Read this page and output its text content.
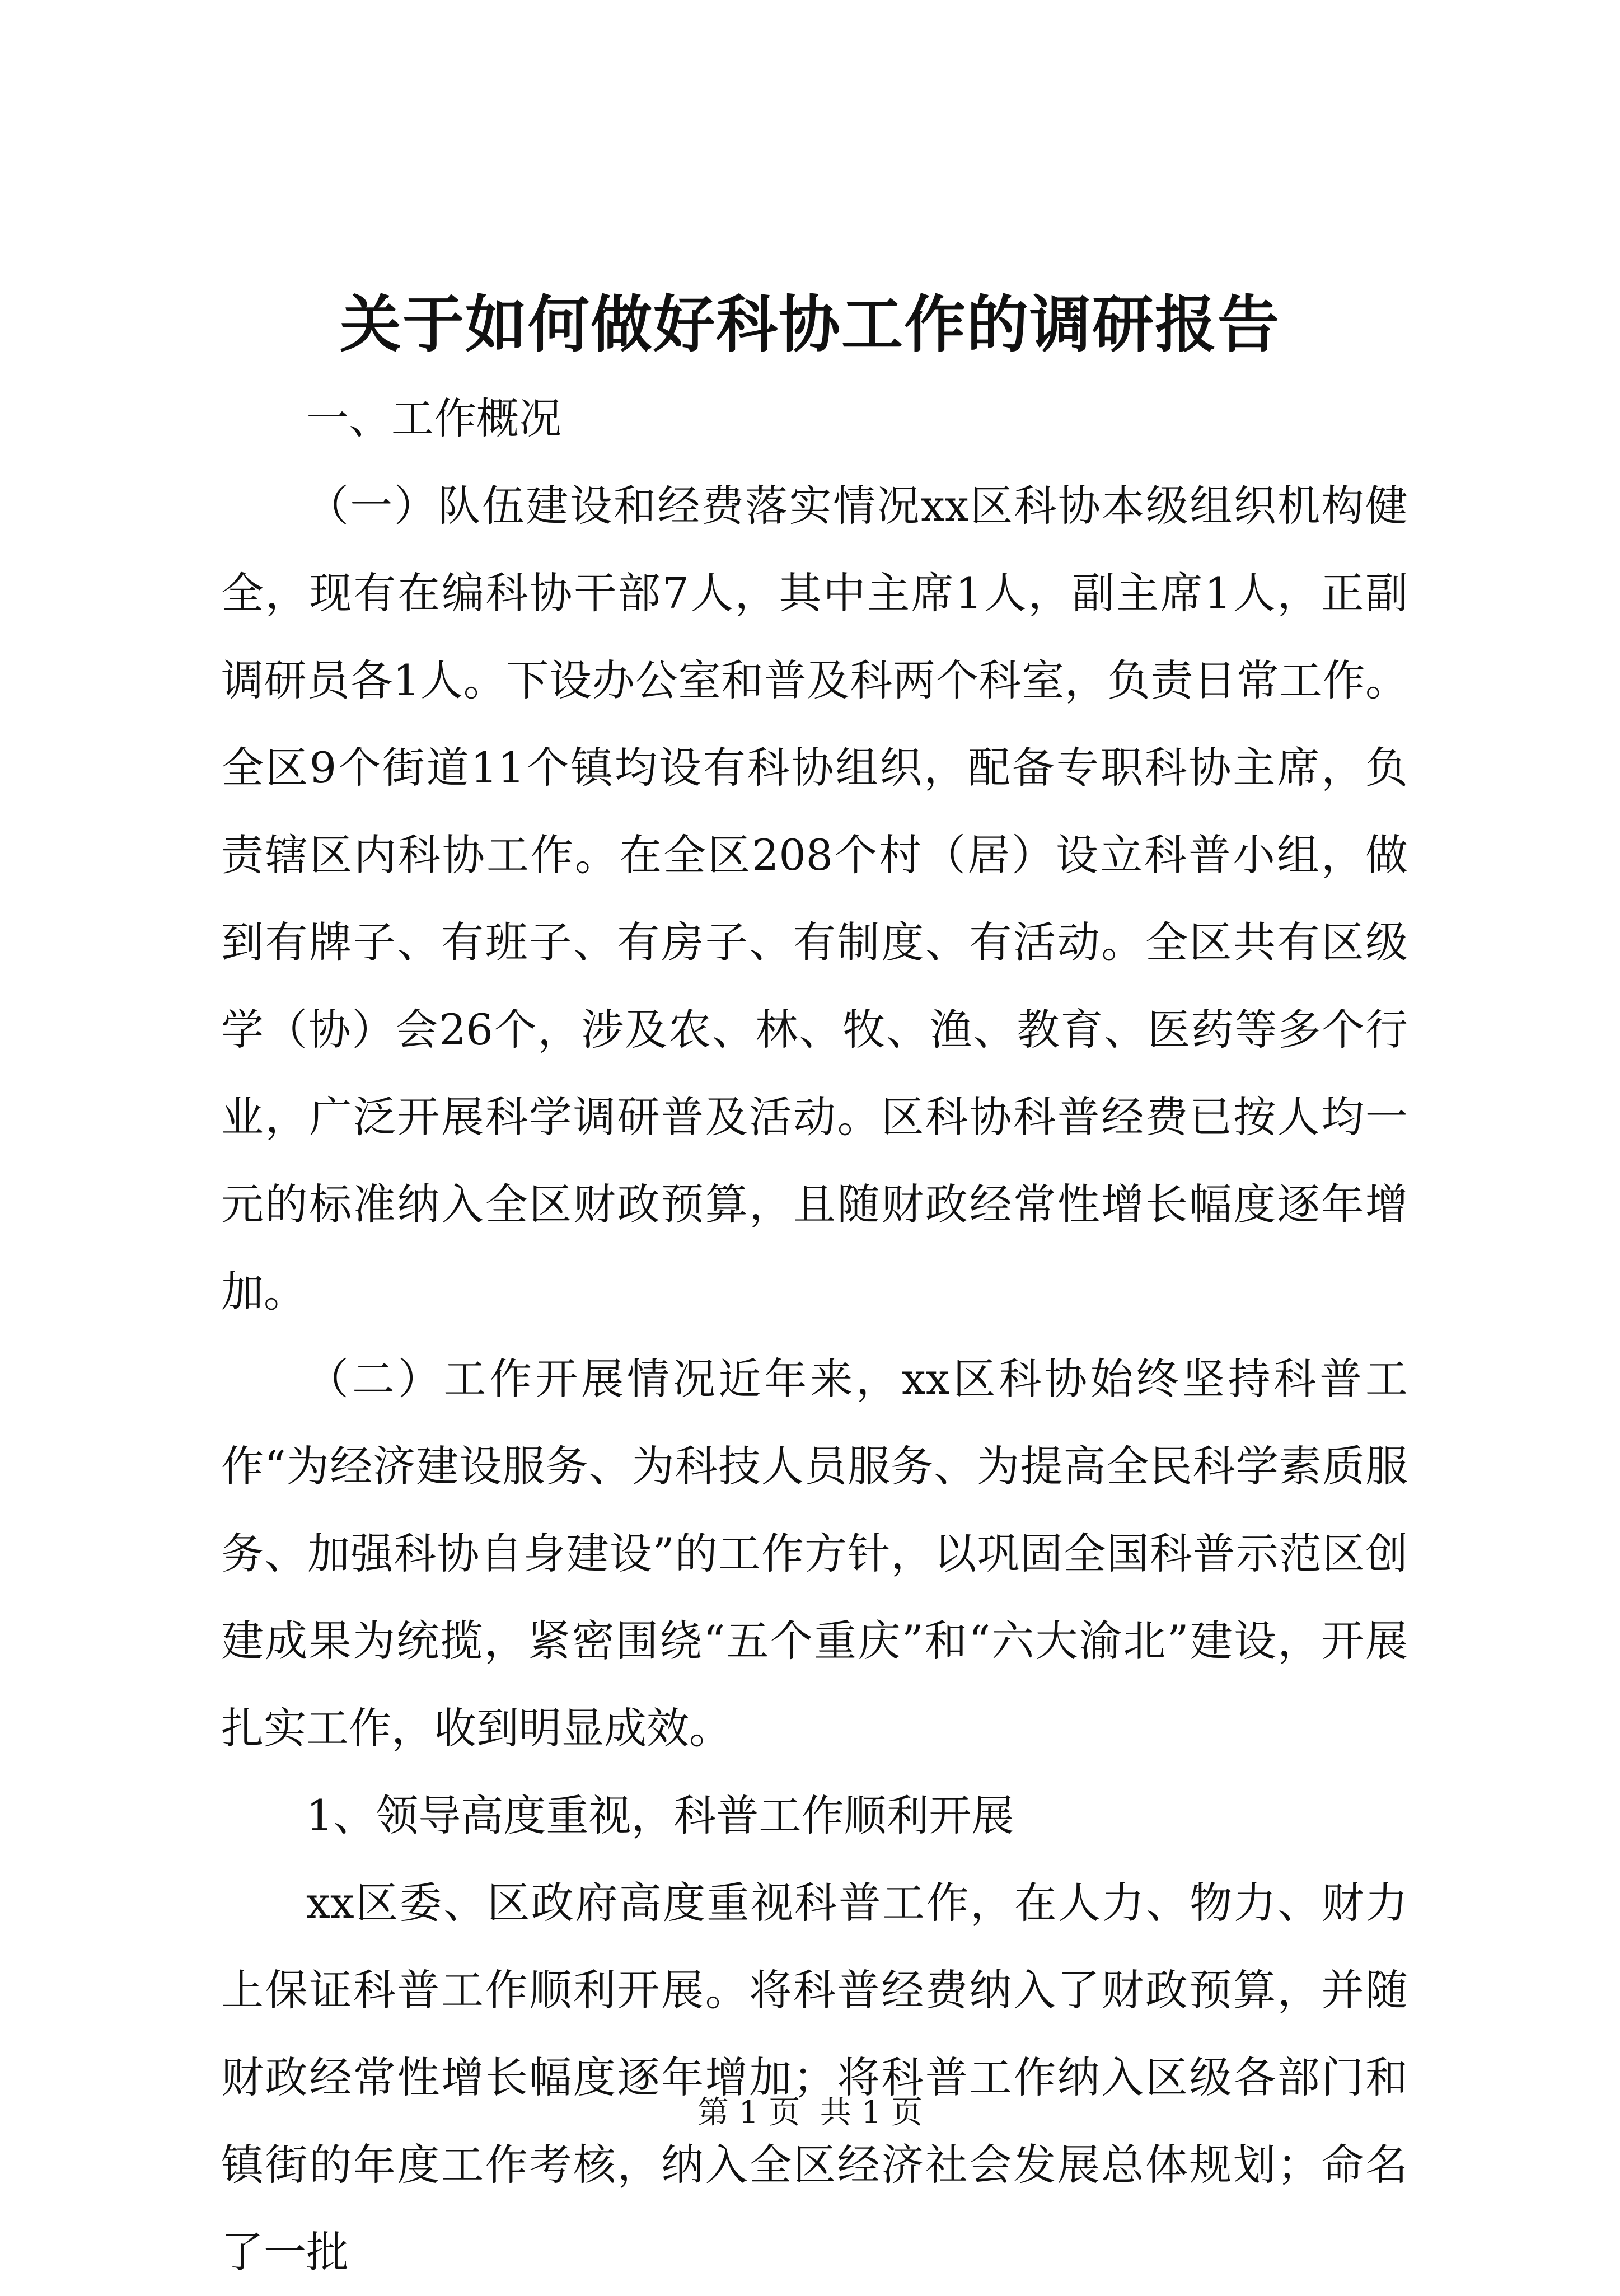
关于如何做好科协工作的调研报告

一、工作概况

（一）队伍建设和经费落实情况xx区科协本级组织机构健全，现有在编科协干部7人，其中主席1人，副主席1人，正副调研员各1人。下设办公室和普及科两个科室，负责日常工作。全区9个街道11个镇均设有科协组织，配备专职科协主席，负责辖区内科协工作。在全区208个村（居）设立科普小组，做到有牌子、有班子、有房子、有制度、有活动。全区共有区级学（协）会26个，涉及农、林、牧、渔、教育、医药等多个行业，广泛开展科学调研普及活动。区科协科普经费已按人均一元的标准纳入全区财政预算，且随财政经常性增长幅度逐年增加。

（二）工作开展情况近年来，xx区科协始终坚持科普工作“为经济建设服务、为科技人员服务、为提高全民科学素质服务、加强科协自身建设”的工作方针，以巩固全国科普示范区创建成果为统揽，紧密围绕“五个重庆”和“六大渝北”建设，开展扎实工作，收到明显成效。

1、领导高度重视，科普工作顺利开展

xx区委、区政府高度重视科普工作，在人力、物力、财力上保证科普工作顺利开展。将科普经费纳入了财政预算，并随财政经常性增长幅度逐年增加；将科普工作纳入区级各部门和镇街的年度工作考核，纳入全区经济社会发展总体规划；命名了一批

第 1 页  共 1 页
